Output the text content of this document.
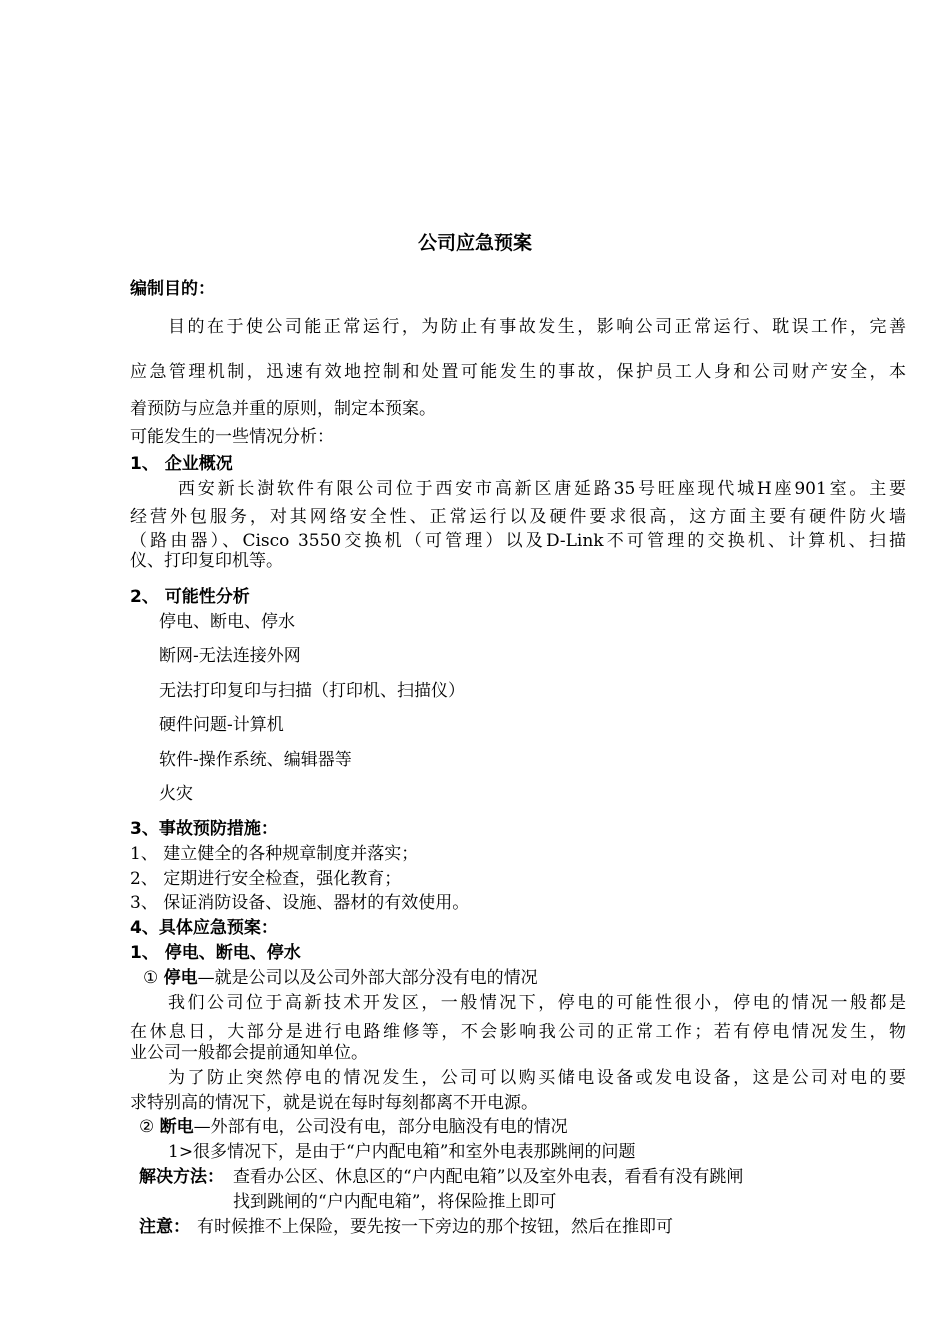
公司应急预案
编制目的：
目的在于使公司能正常运行，为防止有事故发生，影响公司正常运行、耽误工作，完善
应急管理机制，迅速有效地控制和处置可能发生的事故，保护员工人身和公司财产安全，本
着预防与应急并重的原则，制定本预案。
可能发生的一些情况分析：
1、 企业概况
西安新长澍软件有限公司位于西安市高新区唐延路35号旺座现代城H座901室。主要
经营外包服务，对其网络安全性、正常运行以及硬件要求很高，这方面主要有硬件防火墙
（路由器）、Cisco 3550交换机（可管理）以及D-Link不可管理的交换机、计算机、扫描
仪、打印复印机等。
2、 可能性分析
停电、断电、停水
断网-无法连接外网
无法打印复印与扫描（打印机、扫描仪）
硬件问题-计算机
软件-操作系统、编辑器等
火灾
3、事故预防措施：
1、 建立健全的各种规章制度并落实；
2、 定期进行安全检查，强化教育；
3、 保证消防设备、设施、器材的有效使用。
4、具体应急预案：
1、 停电、断电、停水
① 停电—就是公司以及公司外部大部分没有电的情况
我们公司位于高新技术开发区，一般情况下，停电的可能性很小，停电的情况一般都是
在休息日，大部分是进行电路维修等，不会影响我公司的正常工作；若有停电情况发生，物
业公司一般都会提前通知单位。
为了防止突然停电的情况发生，公司可以购买储电设备或发电设备，这是公司对电的要
求特别高的情况下，就是说在每时每刻都离不开电源。
② 断电—外部有电，公司没有电，部分电脑没有电的情况
1>很多情况下，是由于“户内配电箱”和室外电表那跳闸的问题
解决方法： 查看办公区、休息区的“户内配电箱”以及室外电表，看看有没有跳闸
找到跳闸的“户内配电箱”，将保险推上即可
注意： 有时候推不上保险，要先按一下旁边的那个按钮，然后在推即可
